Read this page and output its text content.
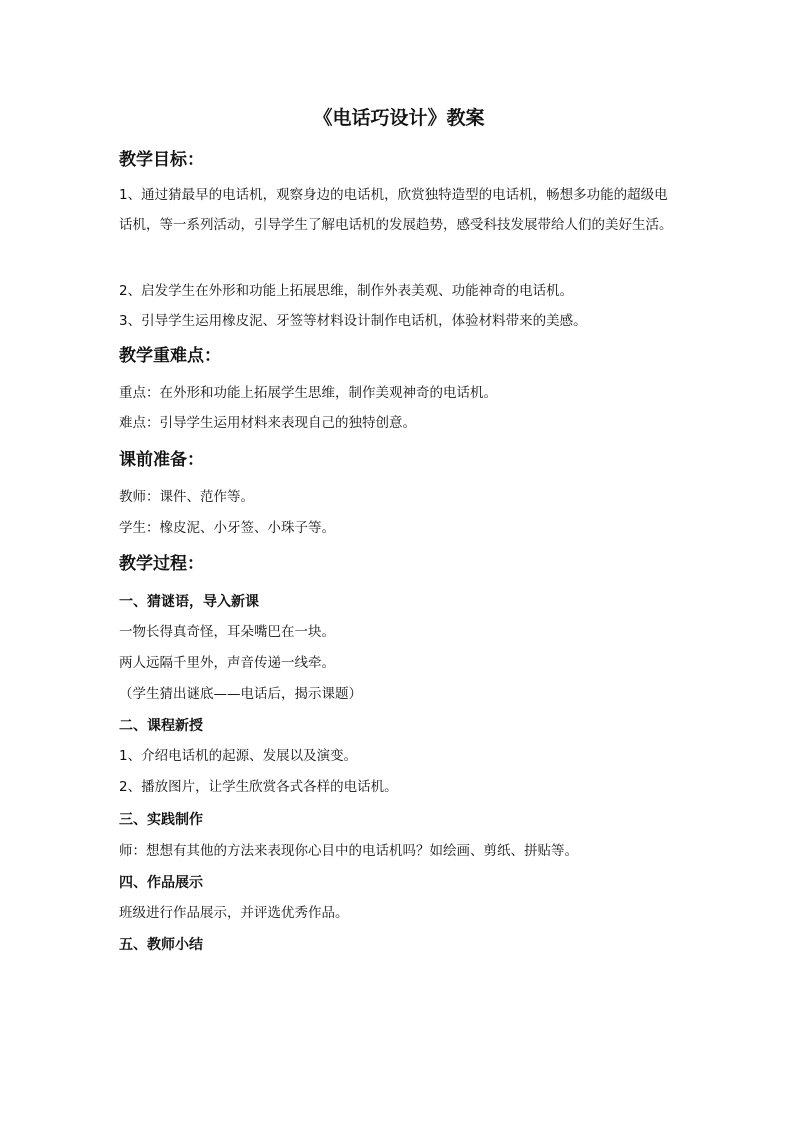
《电话巧设计》教案
教学目标：
1、通过猜最早的电话机，观察身边的电话机，欣赏独特造型的电话机，畅想多功能的超级电话机，等一系列活动，引导学生了解电话机的发展趋势，感受科技发展带给人们的美好生活。
2、启发学生在外形和功能上拓展思维，制作外表美观、功能神奇的电话机。
3、引导学生运用橡皮泥、牙签等材料设计制作电话机，体验材料带来的美感。
教学重难点：
重点：在外形和功能上拓展学生思维，制作美观神奇的电话机。
难点：引导学生运用材料来表现自己的独特创意。
课前准备：
教师：课件、范作等。
学生：橡皮泥、小牙签、小珠子等。
教学过程：
一、猜谜语，导入新课
一物长得真奇怪，耳朵嘴巴在一块。
两人远隔千里外，声音传递一线牵。
（学生猜出谜底——电话后，揭示课题）
二、课程新授
1、介绍电话机的起源、发展以及演变。
2、播放图片，让学生欣赏各式各样的电话机。
三、实践制作
师：想想有其他的方法来表现你心目中的电话机吗？如绘画、剪纸、拼贴等。
四、作品展示
班级进行作品展示，并评选优秀作品。
五、教师小结
